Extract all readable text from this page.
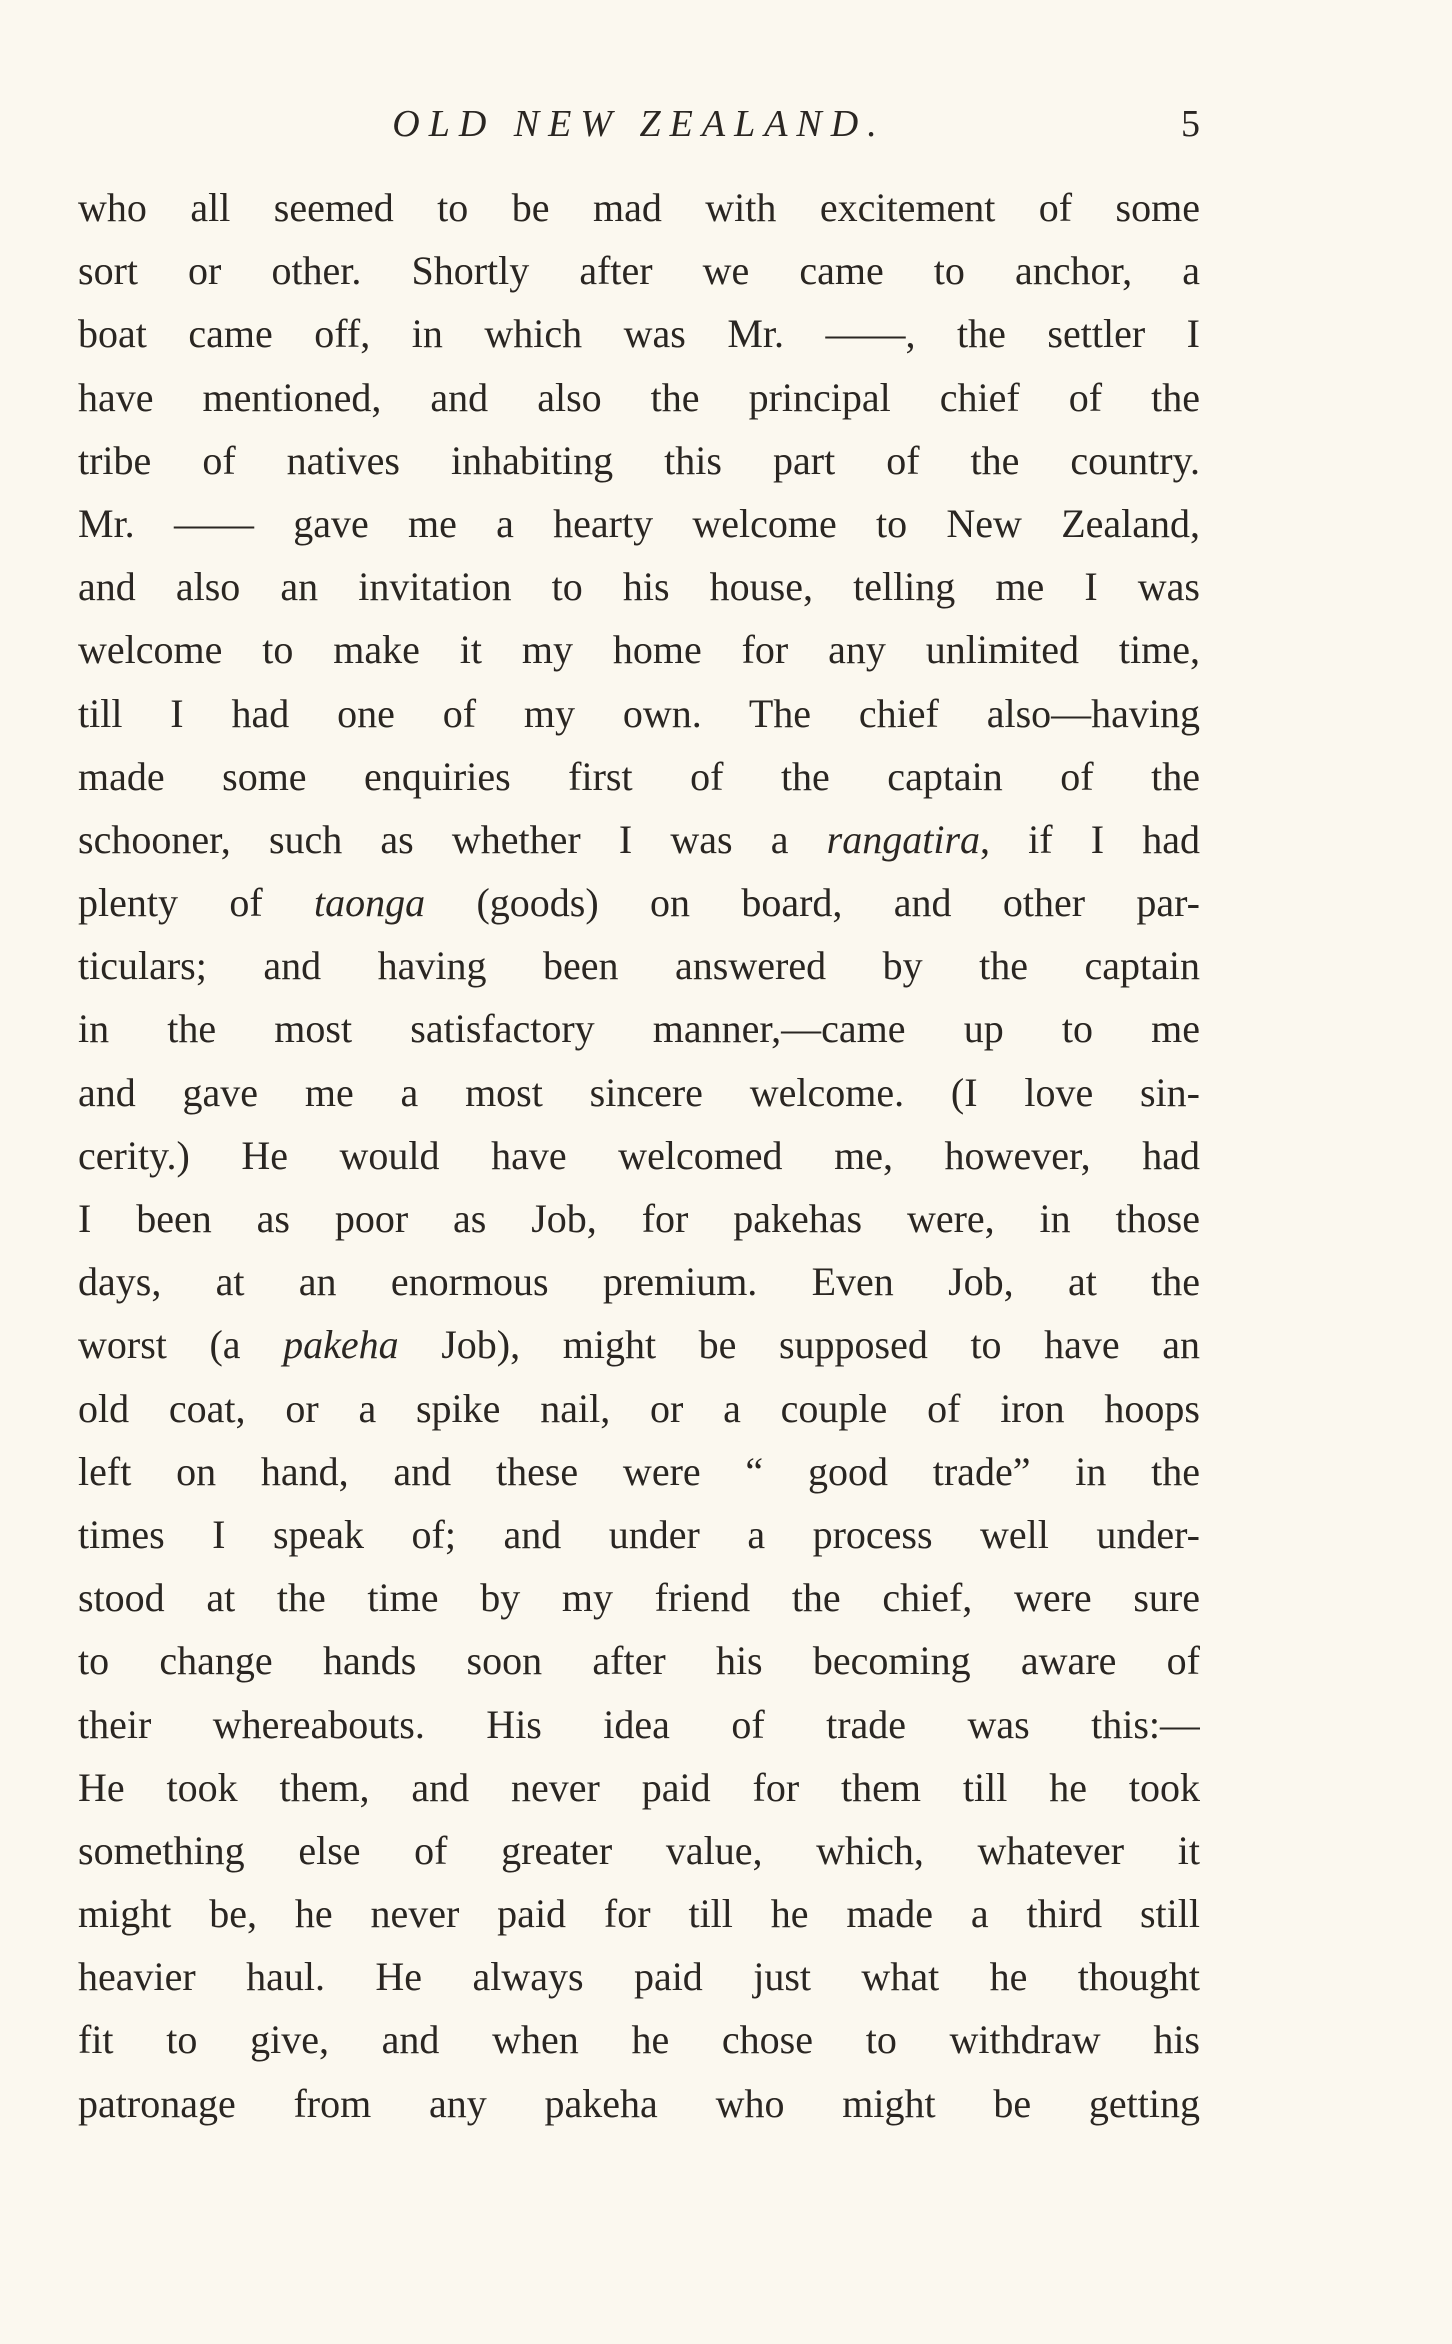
OLD NEW ZEALAND.	5
who all seemed to be mad with excitement of some
sort or other. Shortly after we came to anchor, a
boat came off, in which was Mr. ——, the settler I
have mentioned, and also the principal chief of the
tribe of natives inhabiting this part of the country.
Mr. —— gave me a hearty welcome to New Zealand,
and also an invitation to his house, telling me I was
welcome to make it my home for any unlimited time,
till I had one of my own. The chief also—having
made some enquiries first of the captain of the
schooner, such as whether I was a rangatira, if I had
plenty of taonga (goods) on board, and other par-
ticulars; and having been answered by the captain
in the most satisfactory manner,—came up to me
and gave me a most sincere welcome. (I love sin-
cerity.) He would have welcomed me, however, had
I been as poor as Job, for pakehas were, in those
days, at an enormous premium. Even Job, at the
worst (a pakeha Job), might be supposed to have an
old coat, or a spike nail, or a couple of iron hoops
left on hand, and these were “ good trade” in the
times I speak of; and under a process well under-
stood at the time by my friend the chief, were sure
to change hands soon after his becoming aware of
their whereabouts. His idea of trade was this:—
He took them, and never paid for them till he took
something else of greater value, which, whatever it
might be, he never paid for till he made a third still
heavier haul. He always paid just what he thought
fit to give, and when he chose to withdraw his
patronage from any pakeha who might be getting
